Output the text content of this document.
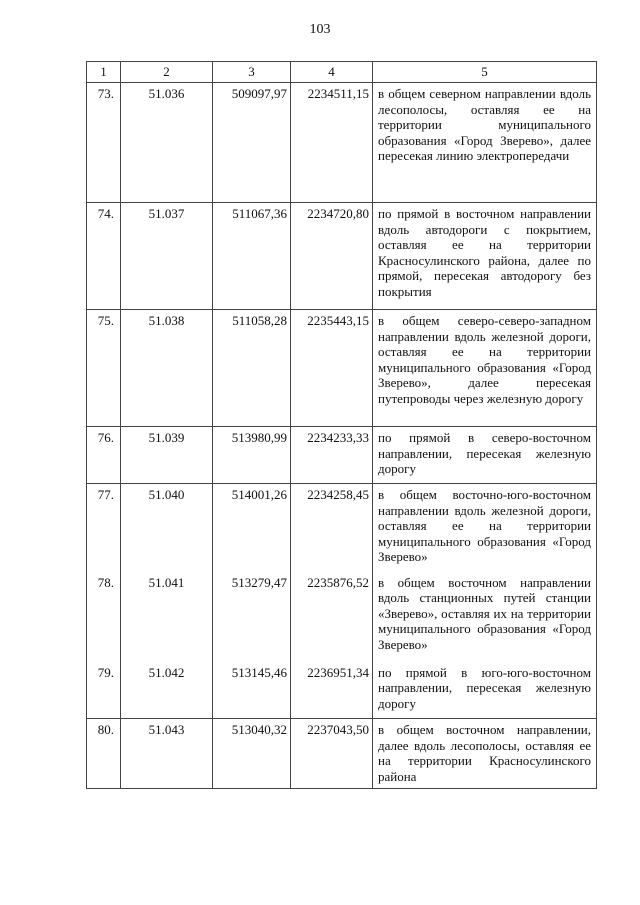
103
1	2	3	4	5
73.	51.036	509097,97	2234511,15	в общем северном направлении вдоль лесополосы, оставляя ее на территории муниципального образования «Город Зверево», далее пересекая линию электропередачи
74.	51.037	511067,36	2234720,80	по прямой в восточном направлении вдоль автодороги с покрытием, оставляя ее на территории Красносулинского района, далее по прямой, пересекая автодорогу без покрытия
75.	51.038	511058,28	2235443,15	в общем северо-северо-западном направлении вдоль железной дороги, оставляя ее на территории муниципального образования «Город Зверево», далее пересекая путепроводы через железную дорогу
76.	51.039	513980,99	2234233,33	по прямой в северо-восточном направлении, пересекая железную дорогу
77.	51.040	514001,26	2234258,45	в общем восточно-юго-восточном направлении вдоль железной дороги, оставляя ее на территории муниципального образования «Город Зверево»
78.	51.041	513279,47	2235876,52	в общем восточном направлении вдоль станционных путей станции «Зверево», оставляя их на территории муниципального образования «Город Зверево»
79.	51.042	513145,46	2236951,34	по прямой в юго-юго-восточном направлении, пересекая железную дорогу
80.	51.043	513040,32	2237043,50	в общем восточном направлении, далее вдоль лесополосы, оставляя ее на территории Красносулинского района
